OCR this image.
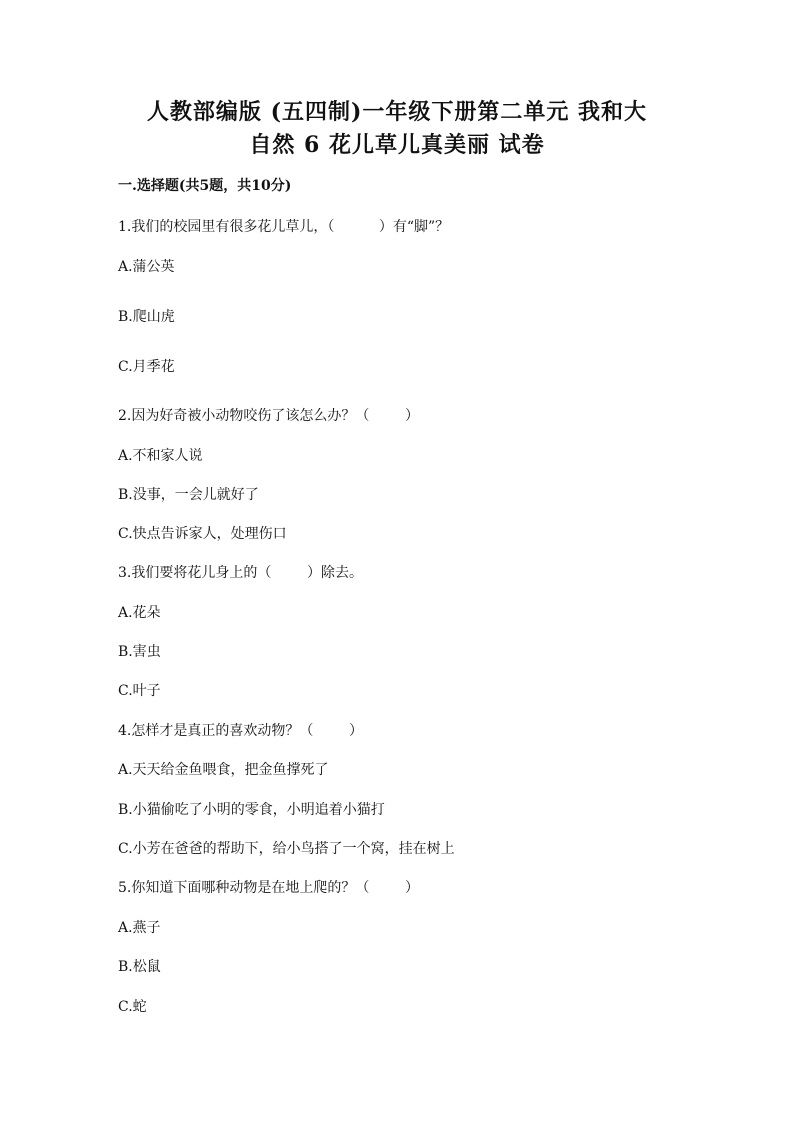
人教部编版 (五四制)一年级下册第二单元 我和大
自然 6 花儿草儿真美丽 试卷
一.选择题(共5题，共10分)
1.我们的校园里有很多花儿草儿，（          ）有“脚”？
A.蒲公英
B.爬山虎
C.月季花
2.因为好奇被小动物咬伤了该怎么办？（        ）
A.不和家人说
B.没事，一会儿就好了
C.快点告诉家人，处理伤口
3.我们要将花儿身上的（        ）除去。
A.花朵
B.害虫
C.叶子
4.怎样才是真正的喜欢动物？（        ）
A.天天给金鱼喂食，把金鱼撑死了
B.小猫偷吃了小明的零食，小明追着小猫打
C.小芳在爸爸的帮助下，给小鸟搭了一个窝，挂在树上
5.你知道下面哪种动物是在地上爬的？（        ）
A.燕子
B.松鼠
C.蛇
